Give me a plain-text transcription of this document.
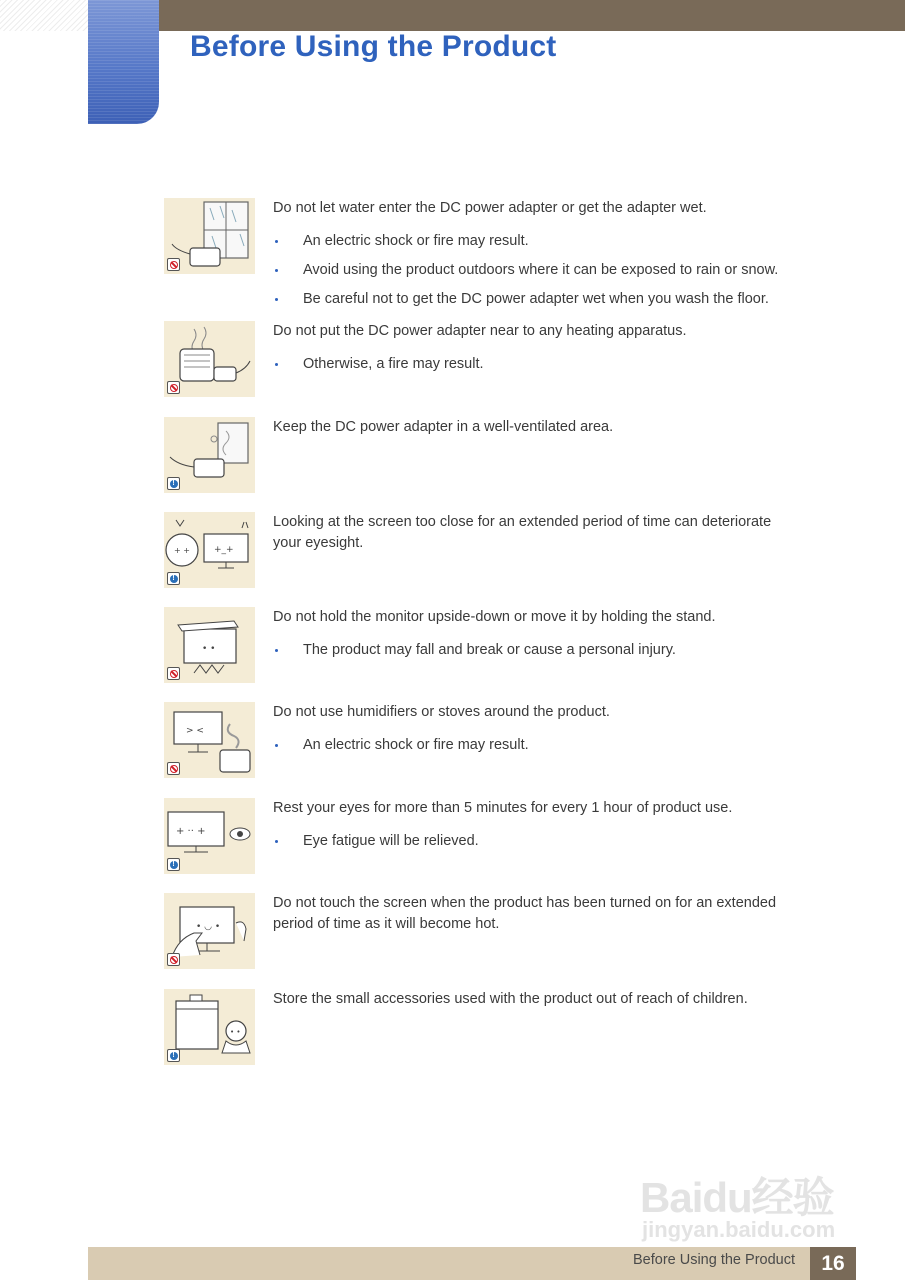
Before Using the Product

Do not let water enter the DC power adapter or get the adapter wet.

An electric shock or fire may result.
Avoid using the product outdoors where it can be exposed to rain or snow.
Be careful not to get the DC power adapter wet when you wash the floor.

Do not put the DC power adapter near to any heating apparatus.

Otherwise, a fire may result.
!

Keep the DC power adapter in a well-ventilated area.

+ +	+_+
!

Looking at the screen too close for an extended period of time can deteriorate your eyesight.

• •

Do not hold the monitor upside-down or move it by holding the stand.

The product may fall and break or cause a personal injury.
> <

Do not use humidifiers or stoves around the product.

An electric shock or fire may result.
+ ·· +
!

Rest your eyes for more than 5 minutes for every 1 hour of product use.

Eye fatigue will be relieved.
• ◡ •

Do not touch the screen when the product has been turned on for an extended period of time as it will become hot.

• •
!

Store the small accessories used with the product out of reach of children.

Baidu经验
jingyan.baidu.com
Before Using the Product	16
